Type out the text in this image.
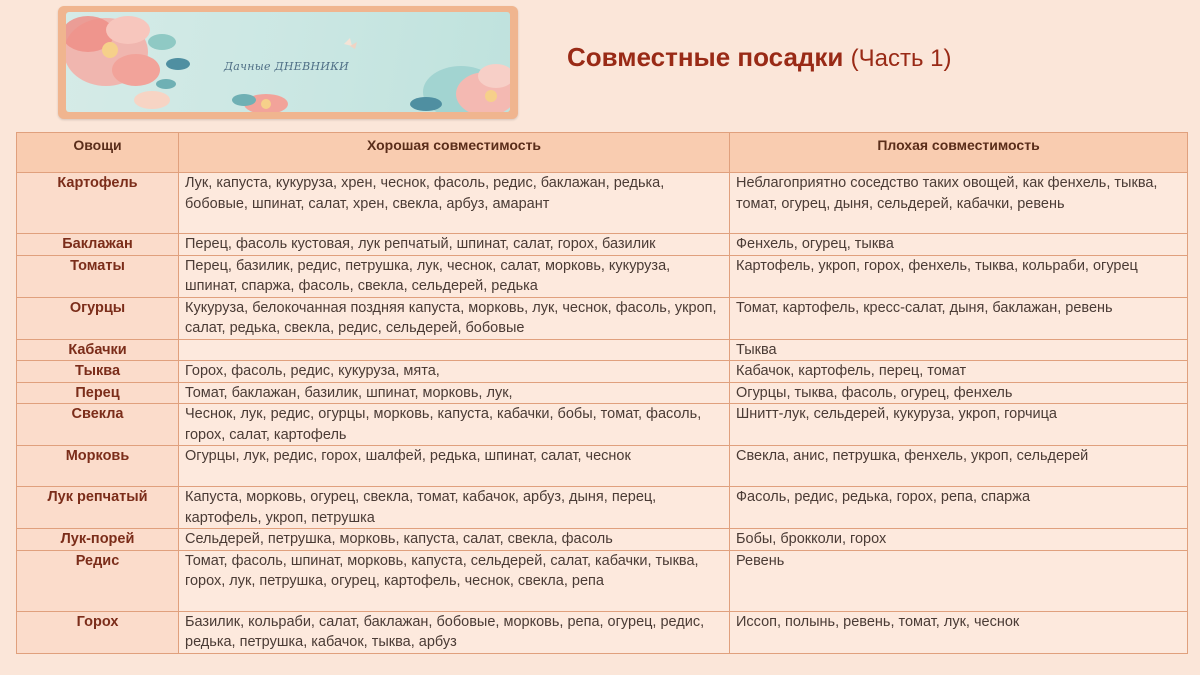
Дачные ДНЕВНИКИ	Совместные посадки (Часть 1)
Овощи	Хорошая совместимость	Плохая совместимость
Картофель	Лук, капуста, кукуруза, хрен, чеснок, фасоль, редис, баклажан, редька, бобовые, шпинат, салат, хрен, свекла, арбуз, амарант	Неблагоприятно соседство таких овощей, как фенхель, тыква, томат, огурец, дыня, сельдерей, кабачки, ревень
Баклажан	Перец, фасоль кустовая, лук репчатый, шпинат, салат, горох, базилик	Фенхель, огурец, тыква
Томаты	Перец, базилик, редис, петрушка, лук, чеснок, салат, морковь, кукуруза, шпинат, спаржа, фасоль, свекла, сельдерей, редька	Картофель, укроп, горох, фенхель, тыква, кольраби, огурец
Огурцы	Кукуруза, белокочанная поздняя капуста, морковь, лук, чеснок, фасоль, укроп, салат, редька, свекла, редис, сельдерей, бобовые	Томат, картофель, кресс-салат, дыня, баклажан, ревень
Кабачки		Тыква
Тыква	Горох, фасоль, редис, кукуруза, мята,	Кабачок, картофель, перец, томат
Перец	Томат, баклажан, базилик, шпинат, морковь, лук,	Огурцы, тыква, фасоль, огурец, фенхель
Свекла	Чеснок, лук, редис, огурцы, морковь, капуста, кабачки, бобы, томат, фасоль, горох, салат, картофель	Шнитт-лук, сельдерей, кукуруза, укроп, горчица
Морковь	Огурцы, лук, редис, горох, шалфей, редька, шпинат, салат, чеснок	Свекла, анис, петрушка, фенхель, укроп, сельдерей
Лук репчатый	Капуста, морковь, огурец, свекла, томат, кабачок, арбуз, дыня, перец, картофель, укроп, петрушка	Фасоль, редис, редька, горох, репа, спаржа
Лук-порей	Сельдерей, петрушка, морковь, капуста, салат, свекла, фасоль	Бобы, брокколи, горох
Редис	Томат, фасоль, шпинат, морковь, капуста, сельдерей, салат, кабачки, тыква, горох, лук, петрушка, огурец, картофель, чеснок, свекла, репа	Ревень
Горох	Базилик, кольраби, салат, баклажан, бобовые, морковь, репа, огурец, редис, редька, петрушка, кабачок, тыква, арбуз	Иссоп, полынь, ревень, томат, лук, чеснок
